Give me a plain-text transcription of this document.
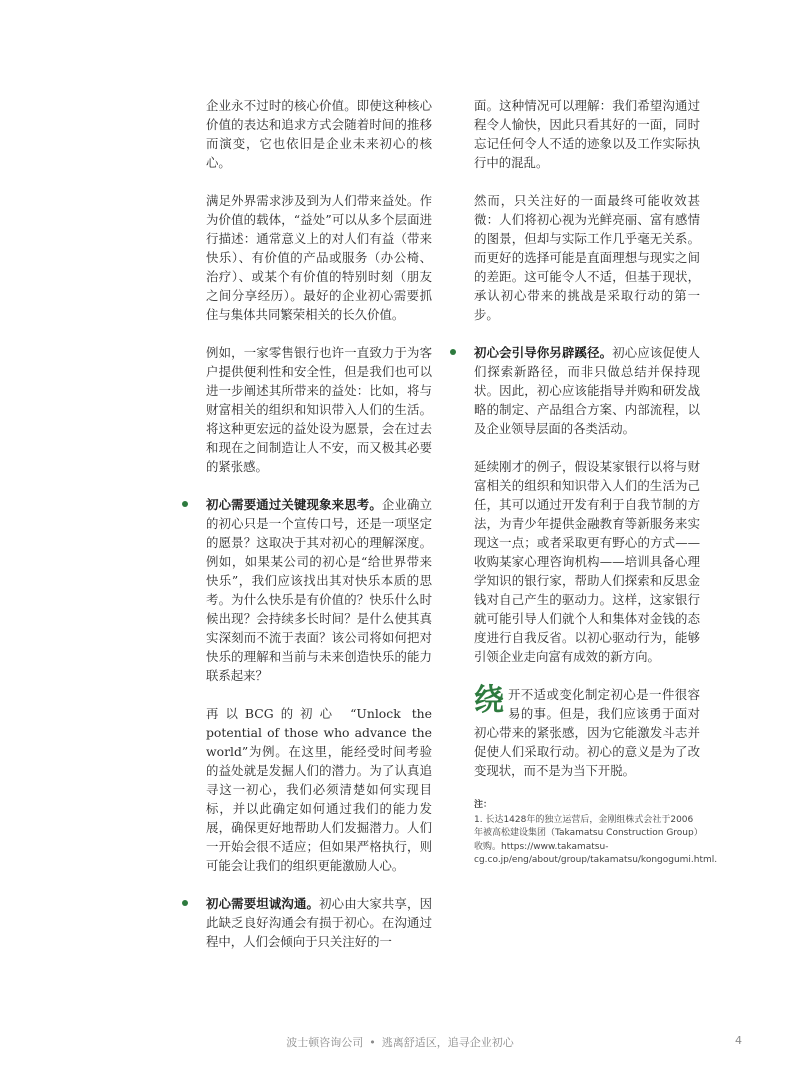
企业永不过时的核心价值。即使这种核心价值的表达和追求方式会随着时间的推移而演变，它也依旧是企业未来初心的核心。

满足外界需求涉及到为人们带来益处。作为价值的载体，“益处”可以从多个层面进行描述：通常意义上的对人们有益（带来快乐）、有价值的产品或服务（办公椅、治疗）、或某个有价值的特别时刻（朋友之间分享经历）。最好的企业初心需要抓住与集体共同繁荣相关的长久价值。

例如，一家零售银行也许一直致力于为客户提供便利性和安全性，但是我们也可以进一步阐述其所带来的益处：比如，将与财富相关的组织和知识带入人们的生活。将这种更宏远的益处设为愿景，会在过去和现在之间制造让人不安，而又极其必要的紧张感。

初心需要通过关键现象来思考。企业确立的初心只是一个宣传口号，还是一项坚定的愿景？这取决于其对初心的理解深度。例如，如果某公司的初心是“给世界带来快乐”，我们应该找出其对快乐本质的思考。为什么快乐是有价值的？快乐什么时候出现？会持续多长时间？是什么使其真实深刻而不流于表面？该公司将如何把对快乐的理解和当前与未来创造快乐的能力联系起来？

再以BCG的初心 “Unlock the potential of those who advance the world”为例。在这里，能经受时间考验的益处就是发掘人们的潜力。为了认真追寻这一初心，我们必须清楚如何实现目标，并以此确定如何通过我们的能力发展，确保更好地帮助人们发掘潜力。人们一开始会很不适应；但如果严格执行，则可能会让我们的组织更能激励人心。

初心需要坦诚沟通。初心由大家共享，因此缺乏良好沟通会有损于初心。在沟通过程中，人们会倾向于只关注好的一

面。这种情况可以理解：我们希望沟通过程令人愉快，因此只看其好的一面，同时忘记任何令人不适的迹象以及工作实际执行中的混乱。

然而，只关注好的一面最终可能收效甚微：人们将初心视为光鲜亮丽、富有感情的图景，但却与实际工作几乎毫无关系。而更好的选择可能是直面理想与现实之间的差距。这可能令人不适，但基于现状，承认初心带来的挑战是采取行动的第一步。

初心会引导你另辟蹊径。初心应该促使人们探索新路径，而非只做总结并保持现状。因此，初心应该能指导并购和研发战略的制定、产品组合方案、内部流程，以及企业领导层面的各类活动。

延续刚才的例子，假设某家银行以将与财富相关的组织和知识带入人们的生活为己任，其可以通过开发有利于自我节制的方法，为青少年提供金融教育等新服务来实现这一点；或者采取更有野心的方式——收购某家心理咨询机构——培训具备心理学知识的银行家，帮助人们探索和反思金钱对自己产生的驱动力。这样，这家银行就可能引导人们就个人和集体对金钱的态度进行自我反省。以初心驱动行为，能够引领企业走向富有成效的新方向。

绕开不适或变化制定初心是一件很容易的事。但是，我们应该勇于面对初心带来的紧张感，因为它能激发斗志并促使人们采取行动。初心的意义是为了改变现状，而不是为当下开脱。

注：
1. 长达1428年的独立运营后，金刚组株式会社于2006年被高松建设集团（Takamatsu Construction Group）收购。https://www.takamatsu-cg.co.jp/eng/about/group/takamatsu/kongogumi.html.
波士顿咨询公司 • 逃离舒适区，追寻企业初心	4
